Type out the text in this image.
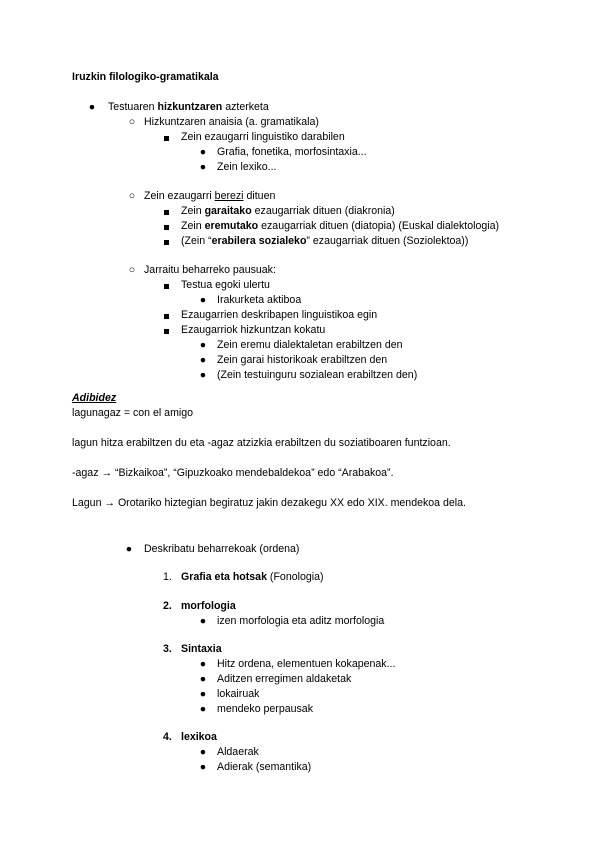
Iruzkin filologiko-gramatikala
● Testuaren hizkuntzaren azterketa
○ Hizkuntzaren anaisia (a. gramatikala)
Zein ezaugarri linguistiko darabilen
● Grafia, fonetika, morfosintaxia...
● Zein lexiko...
○ Zein ezaugarri berezi dituen
Zein garaitako ezaugarriak dituen (diakronia)
Zein eremutako ezaugarriak dituen (diatopia) (Euskal dialektologia)
(Zein “erabilera sozialeko” ezaugarriak dituen (Soziolektoa))
○ Jarraitu beharreko pausuak:
Testua egoki ulertu
● Irakurketa aktiboa
Ezaugarrien deskribapen linguistikoa egin
Ezaugarriok hizkuntzan kokatu
● Zein eremu dialektaletan erabiltzen den
● Zein garai historikoak erabiltzen den
● (Zein testuinguru sozialean erabiltzen den)
Adibidez
lagunagaz = con el amigo
lagun hitza erabiltzen du eta -agaz atzizkia erabiltzen du soziatiboaren funtzioan.
-agaz → “Bizkaikoa”, “Gipuzkoako mendebaldekoa” edo “Arabakoa”.
Lagun → Orotariko hiztegian begiratuz jakin dezakegu XX edo XIX. mendekoa dela.
● Deskribatu beharrekoak (ordena)
1. Grafia eta hotsak (Fonologia)
2. morfologia
● izen morfologia eta aditz morfologia
3. Sintaxia
● Hitz ordena, elementuen kokapenak...
● Aditzen erregimen aldaketak
● lokairuak
● mendeko perpausak
4. lexikoa
● Aldaerak
● Adierak (semantika)
